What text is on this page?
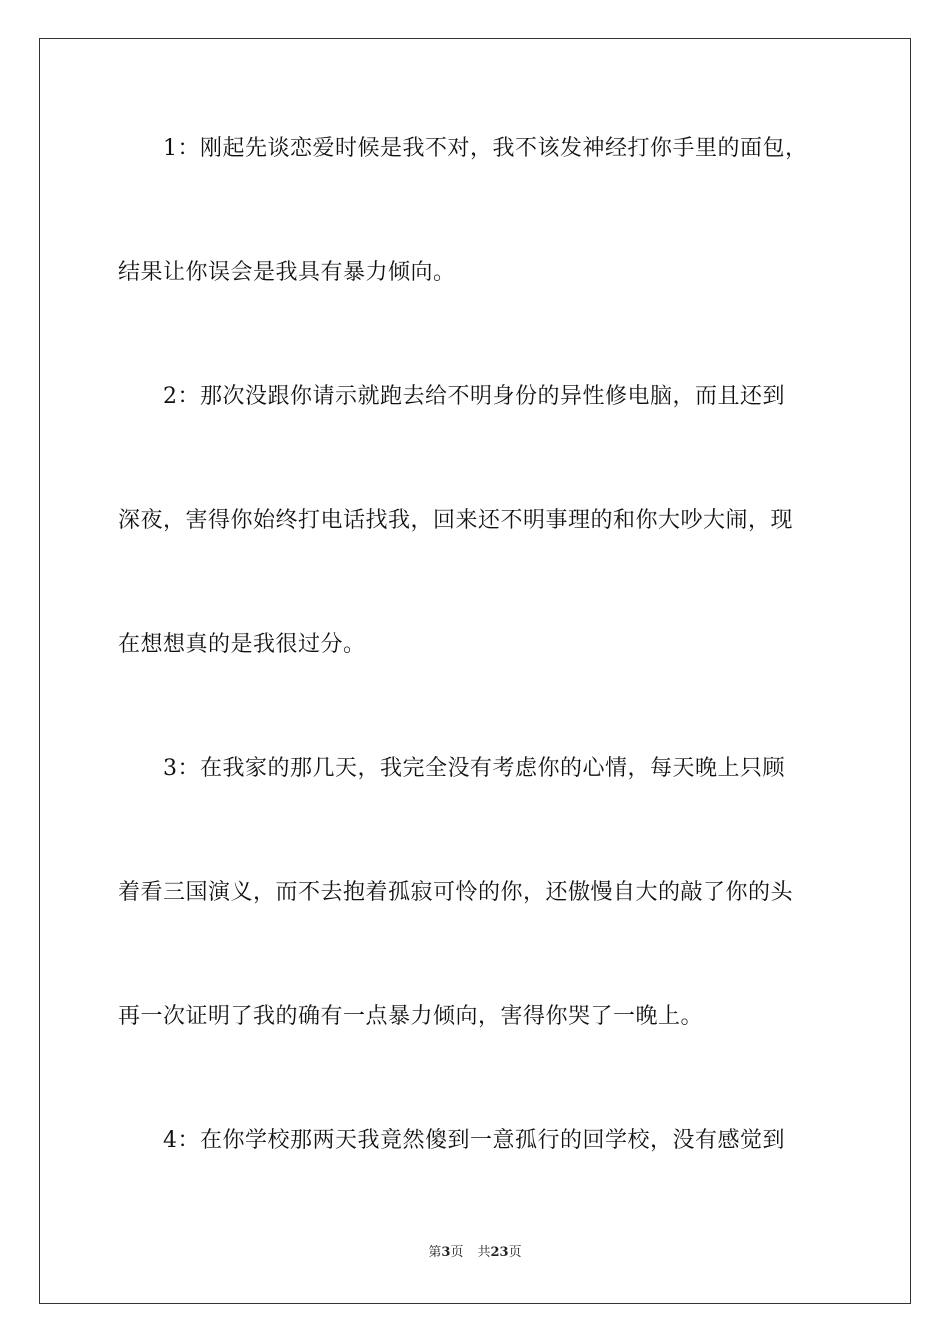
1：刚起先谈恋爱时候是我不对，我不该发神经打你手里的面包，
结果让你误会是我具有暴力倾向。
2：那次没跟你请示就跑去给不明身份的异性修电脑，而且还到
深夜，害得你始终打电话找我，回来还不明事理的和你大吵大闹，现
在想想真的是我很过分。
3：在我家的那几天，我完全没有考虑你的心情，每天晚上只顾
着看三国演义，而不去抱着孤寂可怜的你，还傲慢自大的敲了你的头
再一次证明了我的确有一点暴力倾向，害得你哭了一晚上。
4：在你学校那两天我竟然傻到一意孤行的回学校，没有感觉到
第3页 共23页
